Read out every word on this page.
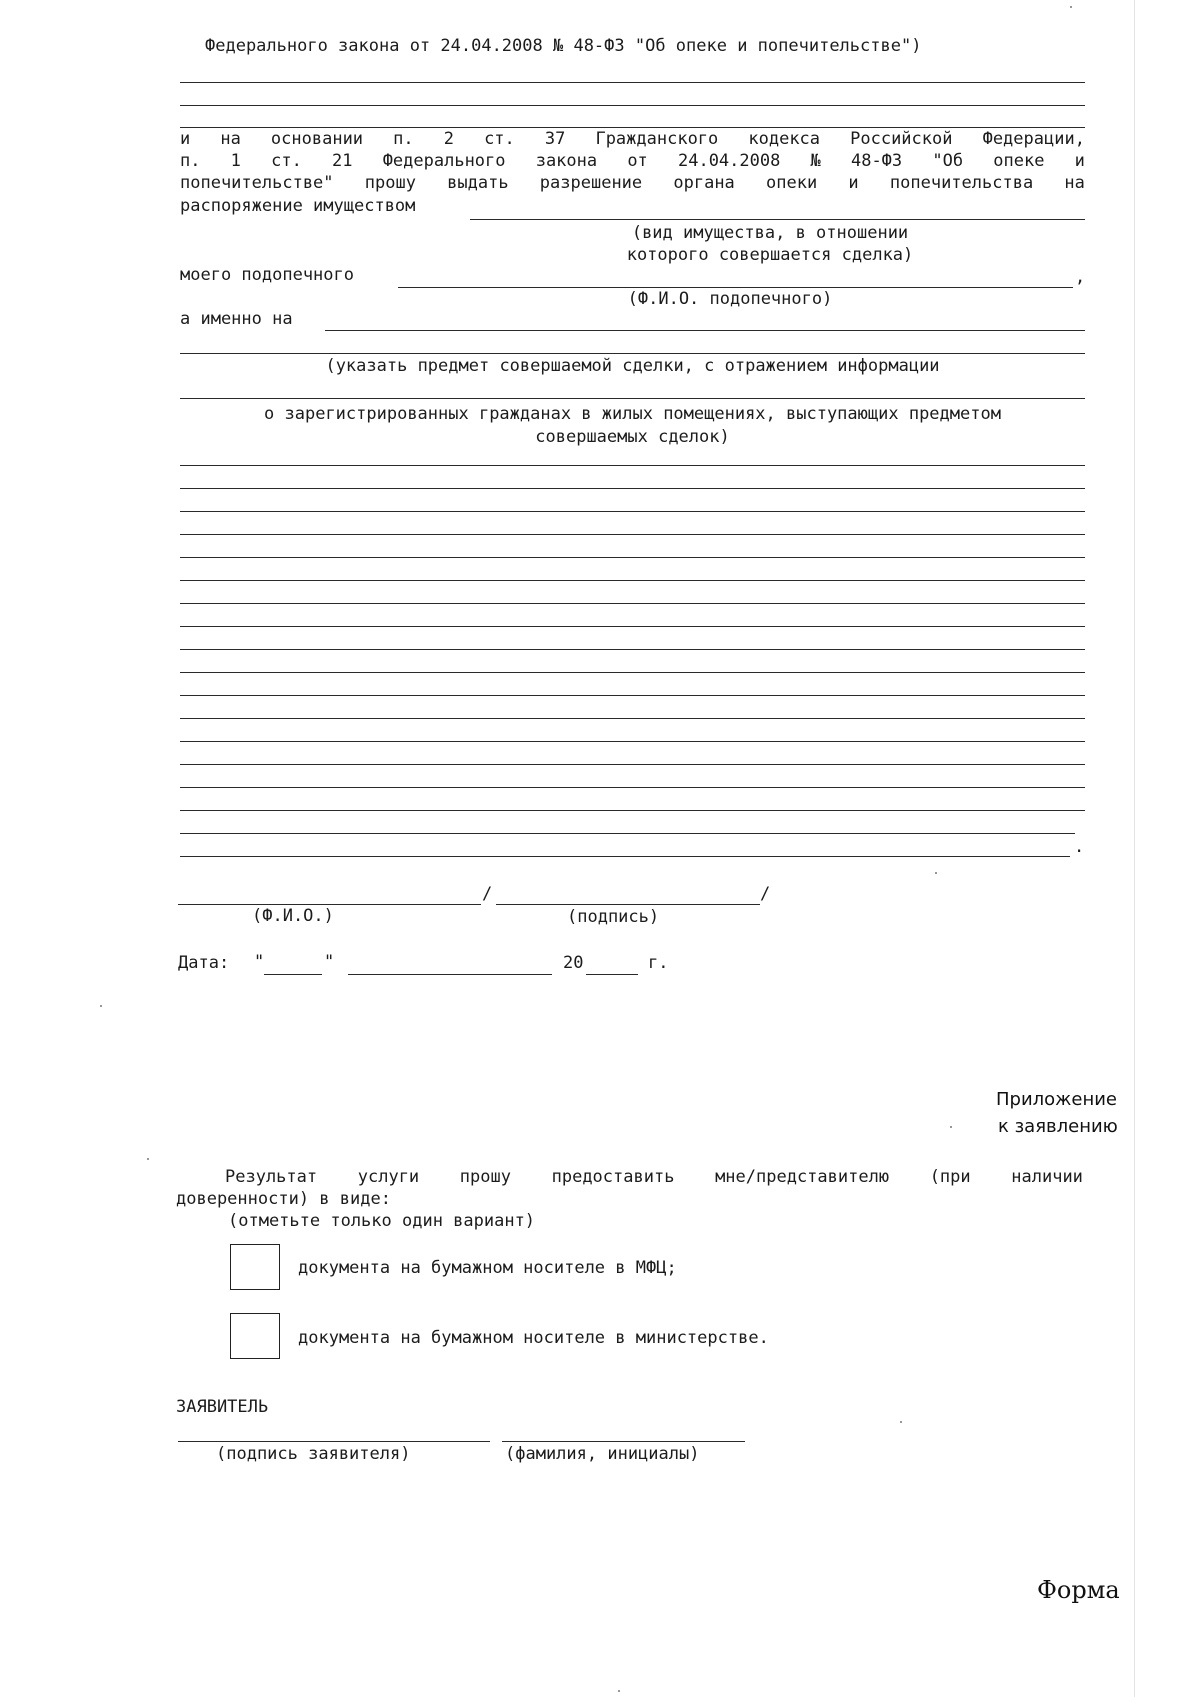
Федерального закона от 24.04.2008 № 48-ФЗ "Об опеке и попечительстве")
и на основании п. 2 ст. 37 Гражданского кодекса Российской Федерации,
п. 1 ст. 21 Федерального закона от 24.04.2008 № 48-ФЗ "Об опеке и
попечительстве" прошу выдать разрешение органа опеки и попечительства на
распоряжение имуществом
(вид имущества, в отношении
которого совершается сделка)
моего подопечного	,
(Ф.И.О. подопечного)
а именно на
(указать предмет совершаемой сделки, с отражением информации
о зарегистрированных гражданах в жилых помещениях, выступающих предметом
совершаемых сделок)
.
/	/
(Ф.И.О.)	(подпись)
Дата: "	"	20	г.
Приложение
к заявлению
Результат услуги прошу предоставить мне/представителю (при наличии
доверенности) в виде:
(отметьте только один вариант)
документа на бумажном носителе в МФЦ;
документа на бумажном носителе в министерстве.
ЗАЯВИТЕЛЬ
(подпись заявителя)	(фамилия, инициалы)
Форма
